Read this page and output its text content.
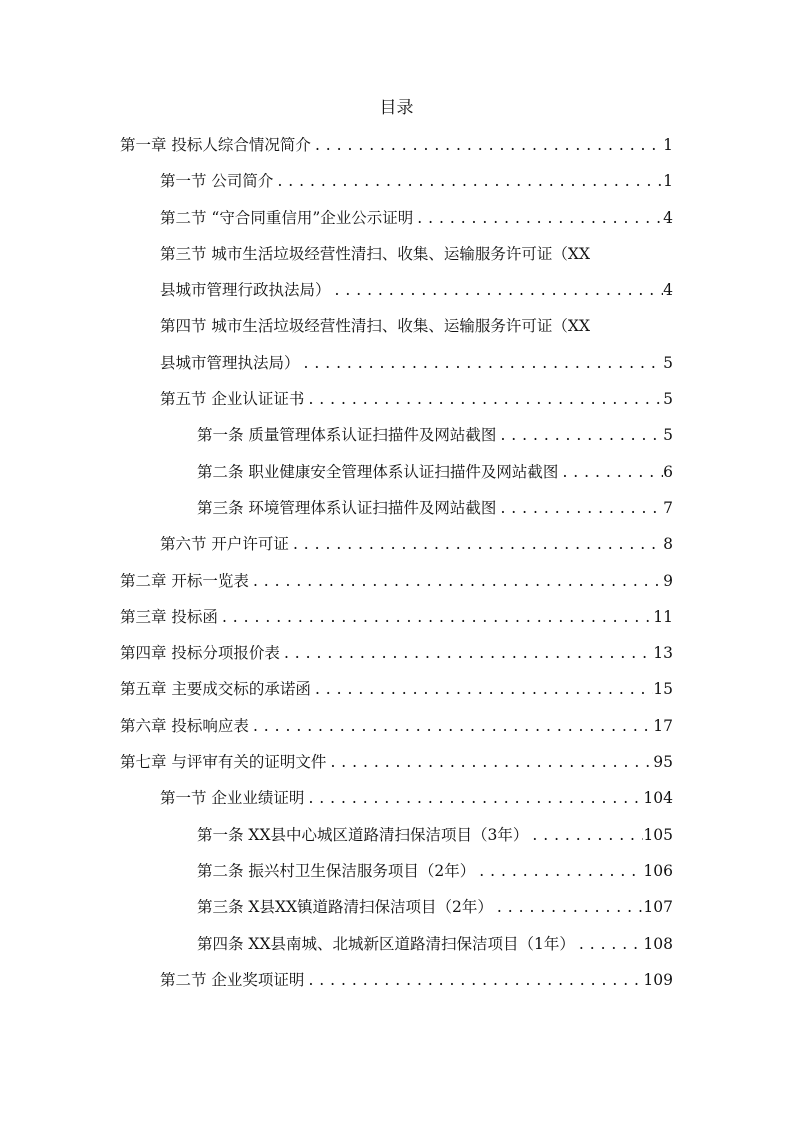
目录
第一章 投标人综合情况简介 . . .	1
第一节 公司简介 . . .	1
第二节 “守合同重信用”企业公示证明 . . .	4
第三节 城市生活垃圾经营性清扫、收集、运输服务许可证（XX
县城市管理行政执法局） . . .	4
第四节 城市生活垃圾经营性清扫、收集、运输服务许可证（XX
县城市管理执法局） . . .	5
第五节 企业认证证书 . . .	5
第一条 质量管理体系认证扫描件及网站截图 . . .	5
第二条 职业健康安全管理体系认证扫描件及网站截图 . . .	6
第三条 环境管理体系认证扫描件及网站截图 . . .	7
第六节 开户许可证 . . .	8
第二章 开标一览表 . . .	9
第三章 投标函 . . .	11
第四章 投标分项报价表 . . .	13
第五章 主要成交标的承诺函 . . .	15
第六章 投标响应表 . . .	17
第七章 与评审有关的证明文件 . . .	95
第一节 企业业绩证明 . . .	104
第一条 XX县中心城区道路清扫保洁项目（3年） . . .	105
第二条 振兴村卫生保洁服务项目（2年） . . .	106
第三条 X县XX镇道路清扫保洁项目（2年） . . .	107
第四条 XX县南城、北城新区道路清扫保洁项目（1年） . . .	108
第二节 企业奖项证明 . . .	109
